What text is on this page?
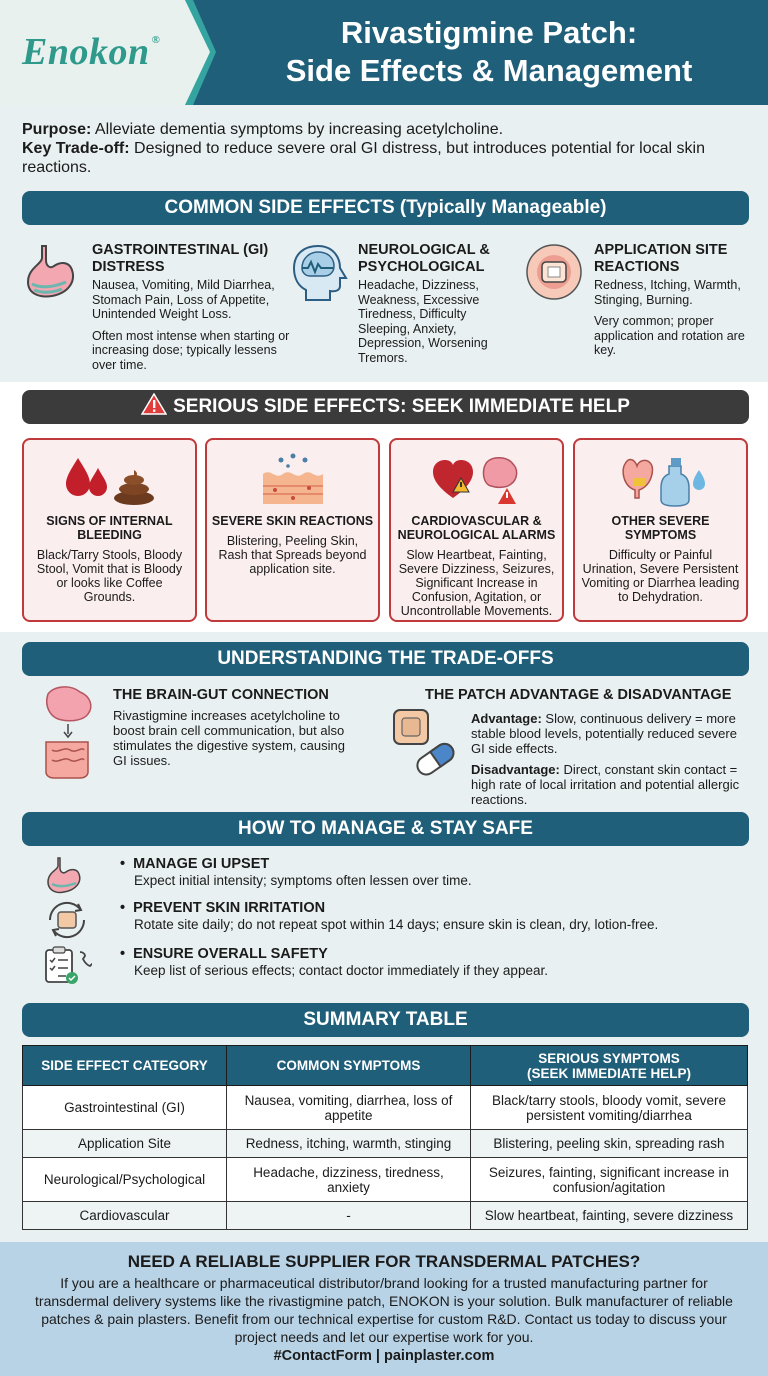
Enokon ®	Rivastigmine Patch:
Side Effects & Management
Purpose: Alleviate dementia symptoms by increasing acetylcholine.
Key Trade-off: Designed to reduce severe oral GI distress, but introduces potential for local skin reactions.
COMMON SIDE EFFECTS (Typically Manageable)
GASTROINTESTINAL (GI) DISTRESS

Nausea, Vomiting, Mild Diarrhea, Stomach Pain, Loss of Appetite, Unintended Weight Loss.

Often most intense when starting or increasing dose; typically lessens over time.

NEUROLOGICAL & PSYCHOLOGICAL

Headache, Dizziness, Weakness, Excessive Tiredness, Difficulty Sleeping, Anxiety, Depression, Worsening Tremors.

APPLICATION SITE REACTIONS

Redness, Itching, Warmth, Stinging, Burning.

Very common; proper application and rotation are key.

SERIOUS SIDE EFFECTS: SEEK IMMEDIATE HELP
SIGNS OF INTERNAL BLEEDING

Black/Tarry Stools, Bloody Stool, Vomit that is Bloody or looks like Coffee Grounds.

SEVERE SKIN REACTIONS

Blistering, Peeling Skin, Rash that Spreads beyond application site.

CARDIOVASCULAR & NEUROLOGICAL ALARMS

Slow Heartbeat, Fainting, Severe Dizziness, Seizures, Significant Increase in Confusion, Agitation, or Uncontrollable Movements.

OTHER SEVERE SYMPTOMS

Difficulty or Painful Urination, Severe Persistent Vomiting or Diarrhea leading to Dehydration.

UNDERSTANDING THE TRADE-OFFS
THE BRAIN-GUT CONNECTION

Rivastigmine increases acetylcholine to boost brain cell communication, but also stimulates the digestive system, causing GI issues.

THE PATCH ADVANTAGE & DISADVANTAGE

Advantage: Slow, continuous delivery = more stable blood levels, potentially reduced severe GI side effects.

Disadvantage: Direct, constant skin contact = high rate of local irritation and potential allergic reactions.

HOW TO MANAGE & STAY SAFE
• MANAGE GI UPSET

Expect initial intensity; symptoms often lessen over time.

• PREVENT SKIN IRRITATION

Rotate site daily; do not repeat spot within 14 days; ensure skin is clean, dry, lotion-free.

• ENSURE OVERALL SAFETY

Keep list of serious effects; contact doctor immediately if they appear.

SUMMARY TABLE
SIDE EFFECT CATEGORY	COMMON SYMPTOMS	SERIOUS SYMPTOMS
(SEEK IMMEDIATE HELP)
Gastrointestinal (GI)	Nausea, vomiting, diarrhea, loss of appetite	Black/tarry stools, bloody vomit, severe persistent vomiting/diarrhea
Application Site	Redness, itching, warmth, stinging	Blistering, peeling skin, spreading rash
Neurological/Psychological	Headache, dizziness, tiredness, anxiety	Seizures, fainting, significant increase in confusion/agitation
Cardiovascular	-	Slow heartbeat, fainting, severe dizziness
NEED A RELIABLE SUPPLIER FOR TRANSDERMAL PATCHES?

If you are a healthcare or pharmaceutical distributor/brand looking for a trusted manufacturing partner for transdermal delivery systems like the rivastigmine patch, ENOKON is your solution. Bulk manufacturer of reliable patches & pain plasters. Benefit from our technical expertise for custom R&D. Contact us today to discuss your project needs and let our expertise work for you.

#ContactForm | painplaster.com
